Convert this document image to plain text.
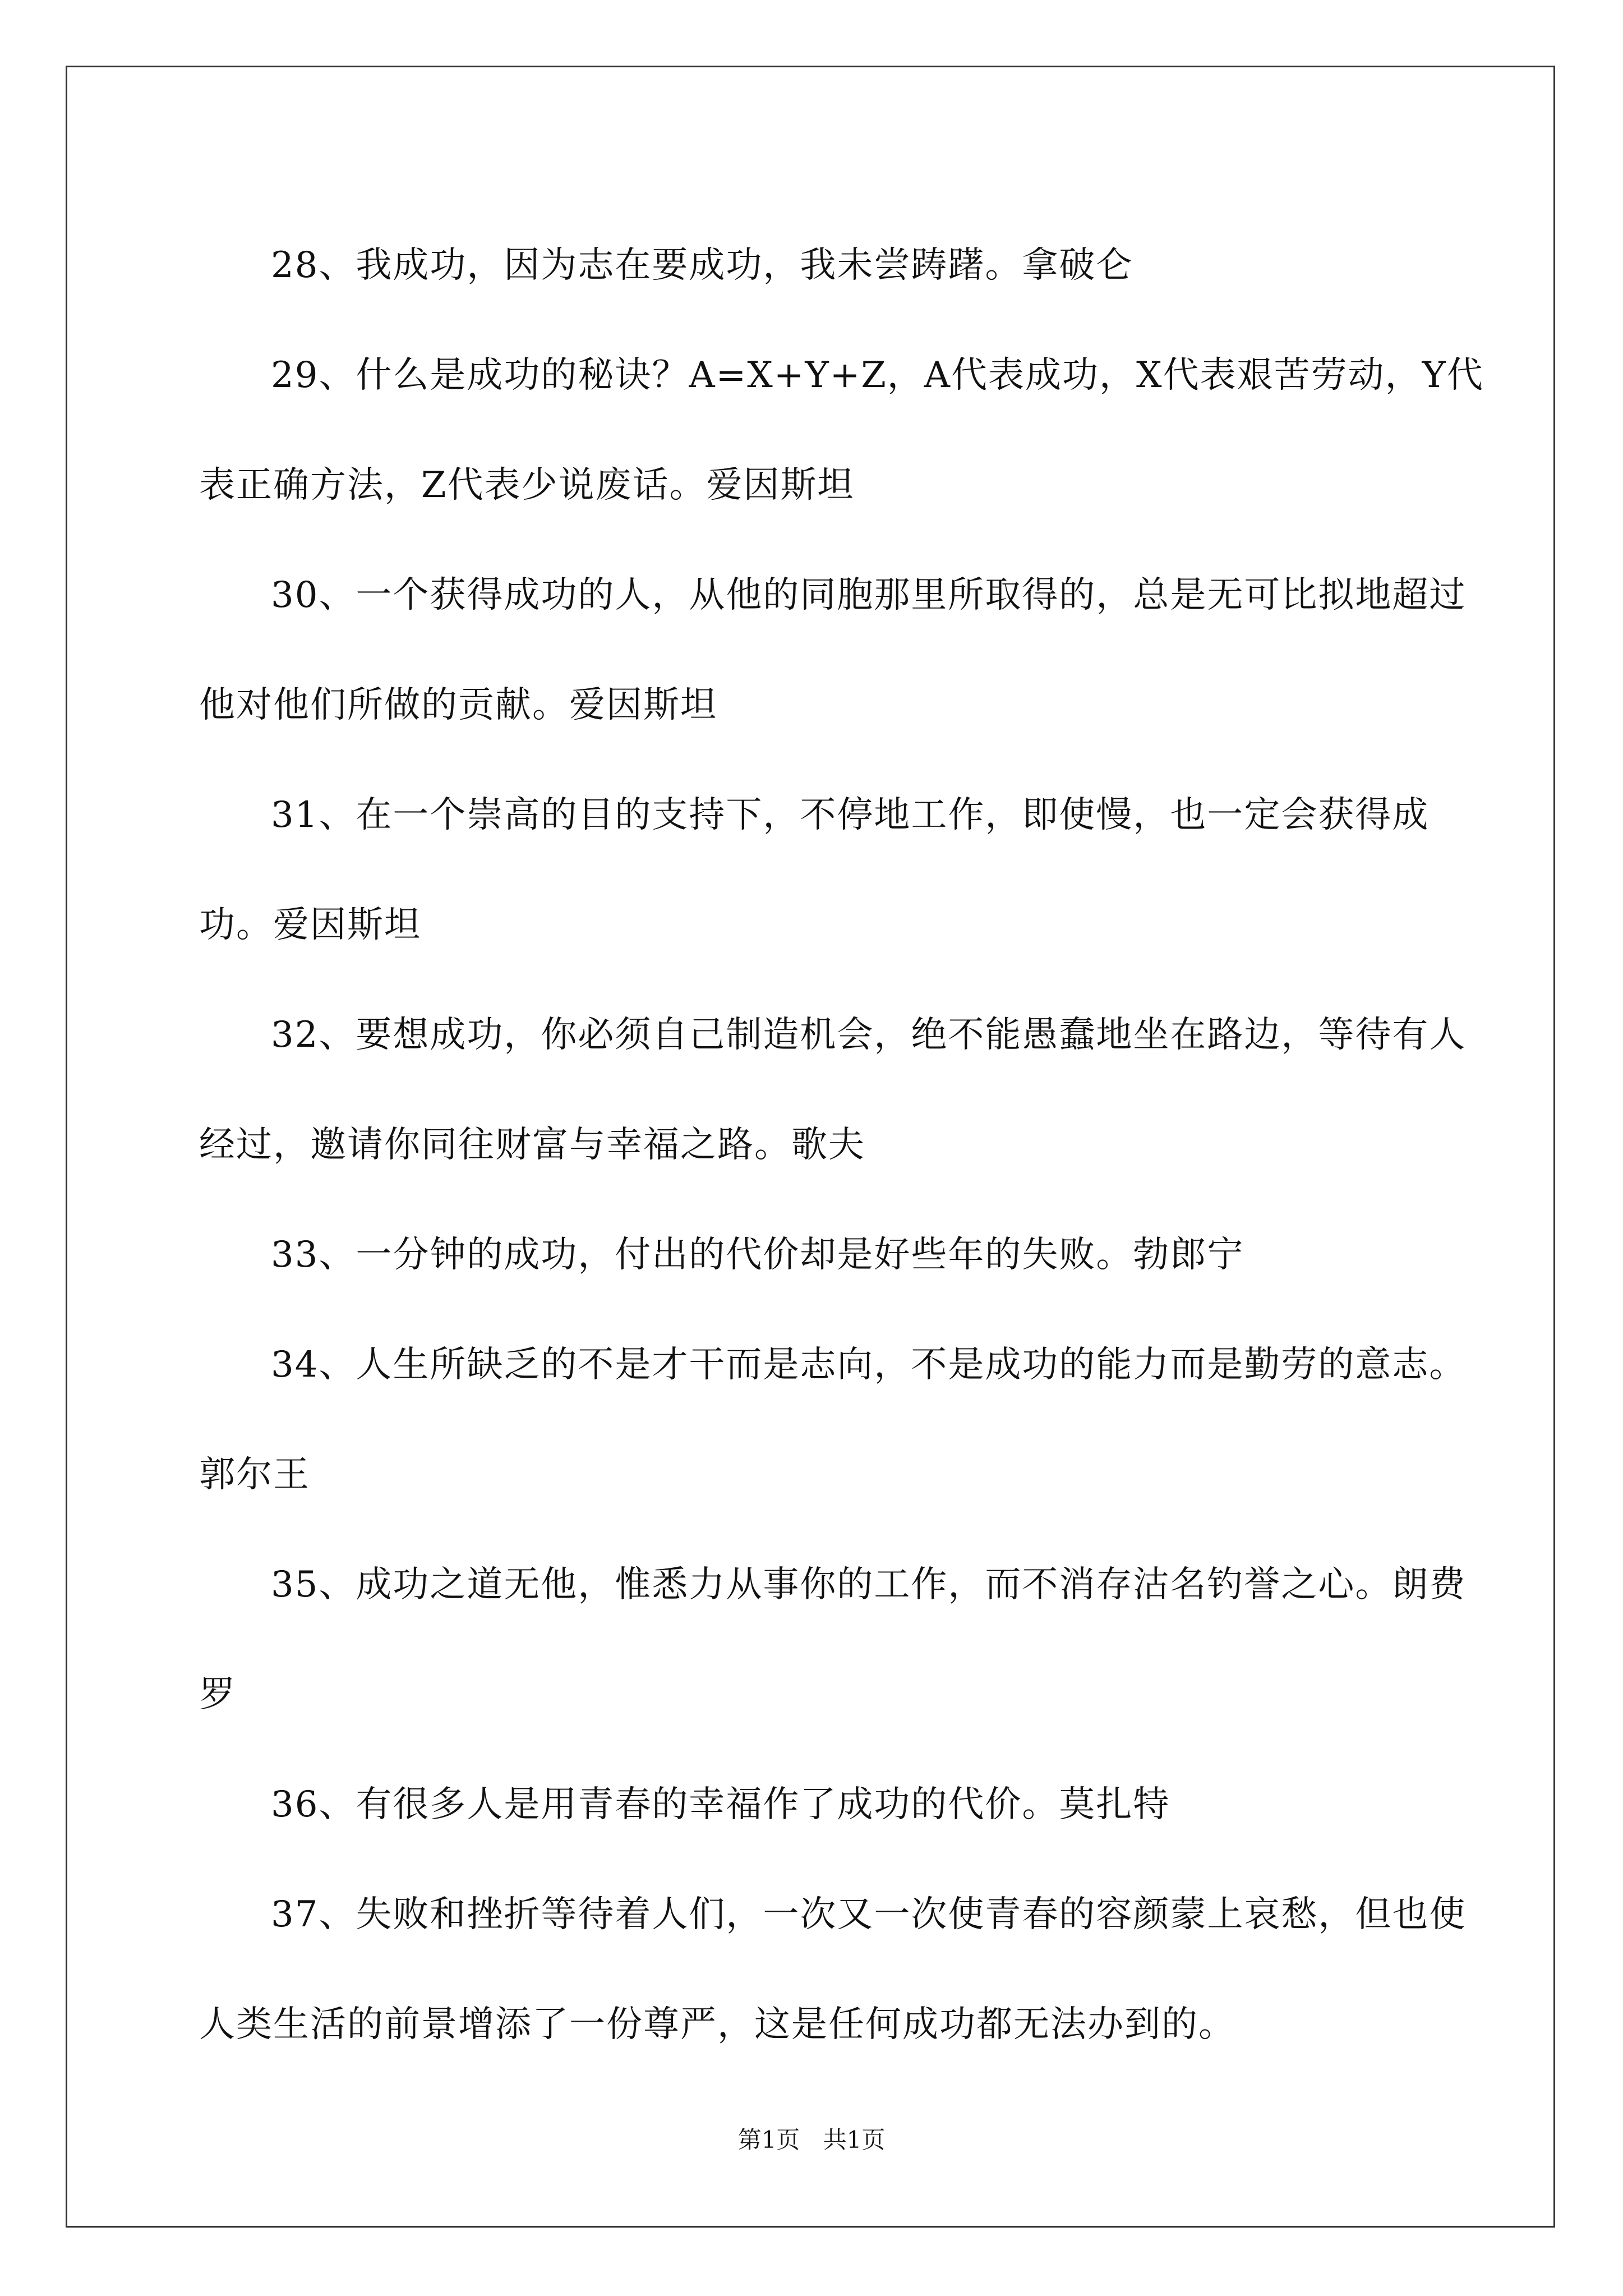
28、我成功，因为志在要成功，我未尝踌躇。拿破仑

29、什么是成功的秘诀？A=X+Y+Z，A代表成功，X代表艰苦劳动，Y代表正确方法，Z代表少说废话。爱因斯坦

30、一个获得成功的人，从他的同胞那里所取得的，总是无可比拟地超过他对他们所做的贡献。爱因斯坦

31、在一个崇高的目的支持下，不停地工作，即使慢，也一定会获得成功。爱因斯坦

32、要想成功，你必须自己制造机会，绝不能愚蠢地坐在路边，等待有人经过，邀请你同往财富与幸福之路。歌夫

33、一分钟的成功，付出的代价却是好些年的失败。勃郎宁

34、人生所缺乏的不是才干而是志向，不是成功的能力而是勤劳的意志。郭尔王

35、成功之道无他，惟悉力从事你的工作，而不消存沽名钓誉之心。朗费罗

36、有很多人是用青春的幸福作了成功的代价。莫扎特

37、失败和挫折等待着人们，一次又一次使青春的容颜蒙上哀愁，但也使人类生活的前景增添了一份尊严，这是任何成功都无法办到的。

第1页 共1页
